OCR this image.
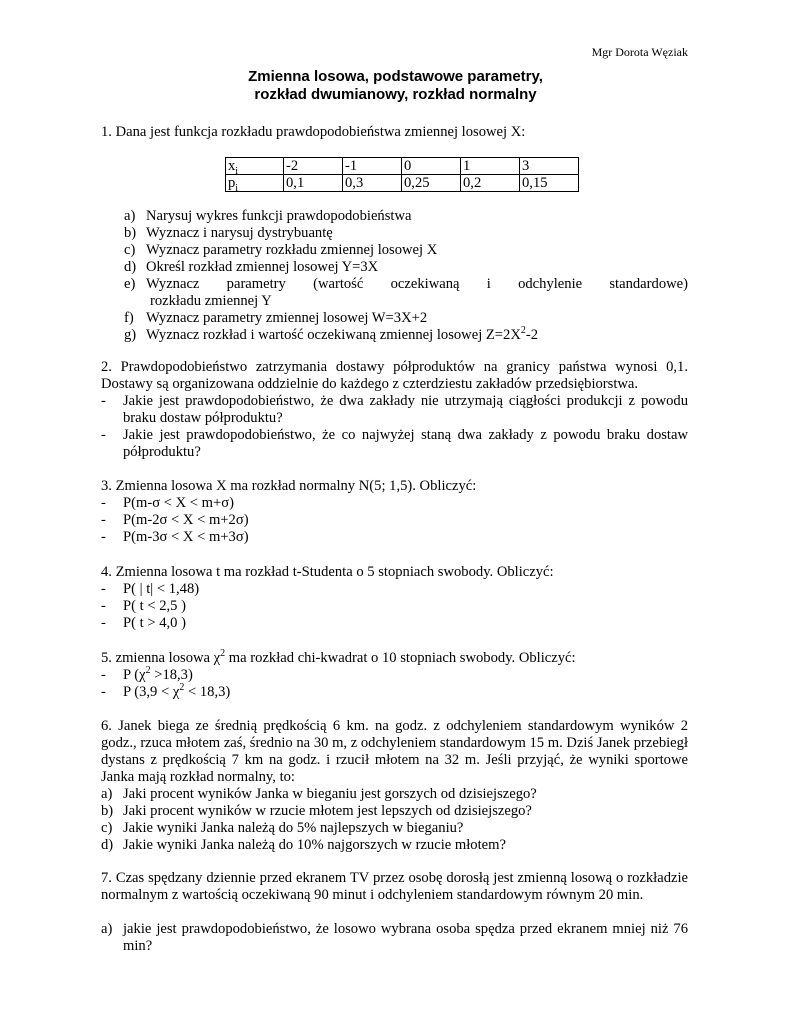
Mgr Dorota Węziak
Zmienna losowa, podstawowe parametry,
rozkład dwumianowy, rozkład normalny
1. Dana jest funkcja rozkładu prawdopodobieństwa zmiennej losowej X:
$x_i$	-2	-1	0	1	3
$p_i$	0,1	0,3	0,25	0,2	0,15
a) Narysuj wykres funkcji prawdopodobieństwa
b) Wyznacz i narysuj dystrybuantę
c) Wyznacz parametry rozkładu zmiennej losowej X
d) Określ rozkład zmiennej losowej Y=3X
e) Wyznacz parametry (wartość oczekiwaną i odchylenie standardowe)
rozkładu zmiennej Y
f) Wyznacz parametry zmiennej losowej W=3X+2
g) Wyznacz rozkład i wartość oczekiwaną zmiennej losowej $Z=2X^2-2$
2. Prawdopodobieństwo zatrzymania dostawy półproduktów na granicy państwa wynosi 0,1. Dostawy są organizowana oddzielnie do każdego z czterdziestu zakładów przedsiębiorstwa.
- Jakie jest prawdopodobieństwo, że dwa zakłady nie utrzymają ciągłości produkcji z powodu braku dostaw półproduktu?
- Jakie jest prawdopodobieństwo, że co najwyżej staną dwa zakłady z powodu braku dostaw półproduktu?
3. Zmienna losowa X ma rozkład normalny N(5; 1,5). Obliczyć:
- P(m-σ < X < m+σ)
- P(m-2σ < X < m+2σ)
- P(m-3σ < X < m+3σ)
4. Zmienna losowa t ma rozkład t-Studenta o 5 stopniach swobody. Obliczyć:
- P( | t| < 1,48)
- P( t < 2,5 )
- P( t > 4,0 )
5. zmienna losowa $\chi^2$ ma rozkład chi-kwadrat o 10 stopniach swobody. Obliczyć:
- P $(\chi^2 >18,3)$
- P $(3,9 < \chi^2 < 18,3)$
6. Janek biega ze średnią prędkością 6 km. na godz. z odchyleniem standardowym wyników 2 godz., rzuca młotem zaś, średnio na 30 m, z odchyleniem standardowym 15 m. Dziś Janek przebiegł dystans z prędkością 7 km na godz. i rzucił młotem na 32 m. Jeśli przyjąć, że wyniki sportowe Janka mają rozkład normalny, to:
a) Jaki procent wyników Janka w bieganiu jest gorszych od dzisiejszego?
b) Jaki procent wyników w rzucie młotem jest lepszych od dzisiejszego?
c) Jakie wyniki Janka należą do 5% najlepszych w bieganiu?
d) Jakie wyniki Janka należą do 10% najgorszych w rzucie młotem?
7. Czas spędzany dziennie przed ekranem TV przez osobę dorosłą jest zmienną losową o rozkładzie normalnym z wartością oczekiwaną 90 minut i odchyleniem standardowym równym 20 min.
a) jakie jest prawdopodobieństwo, że losowo wybrana osoba spędza przed ekranem mniej niż 76 min?
